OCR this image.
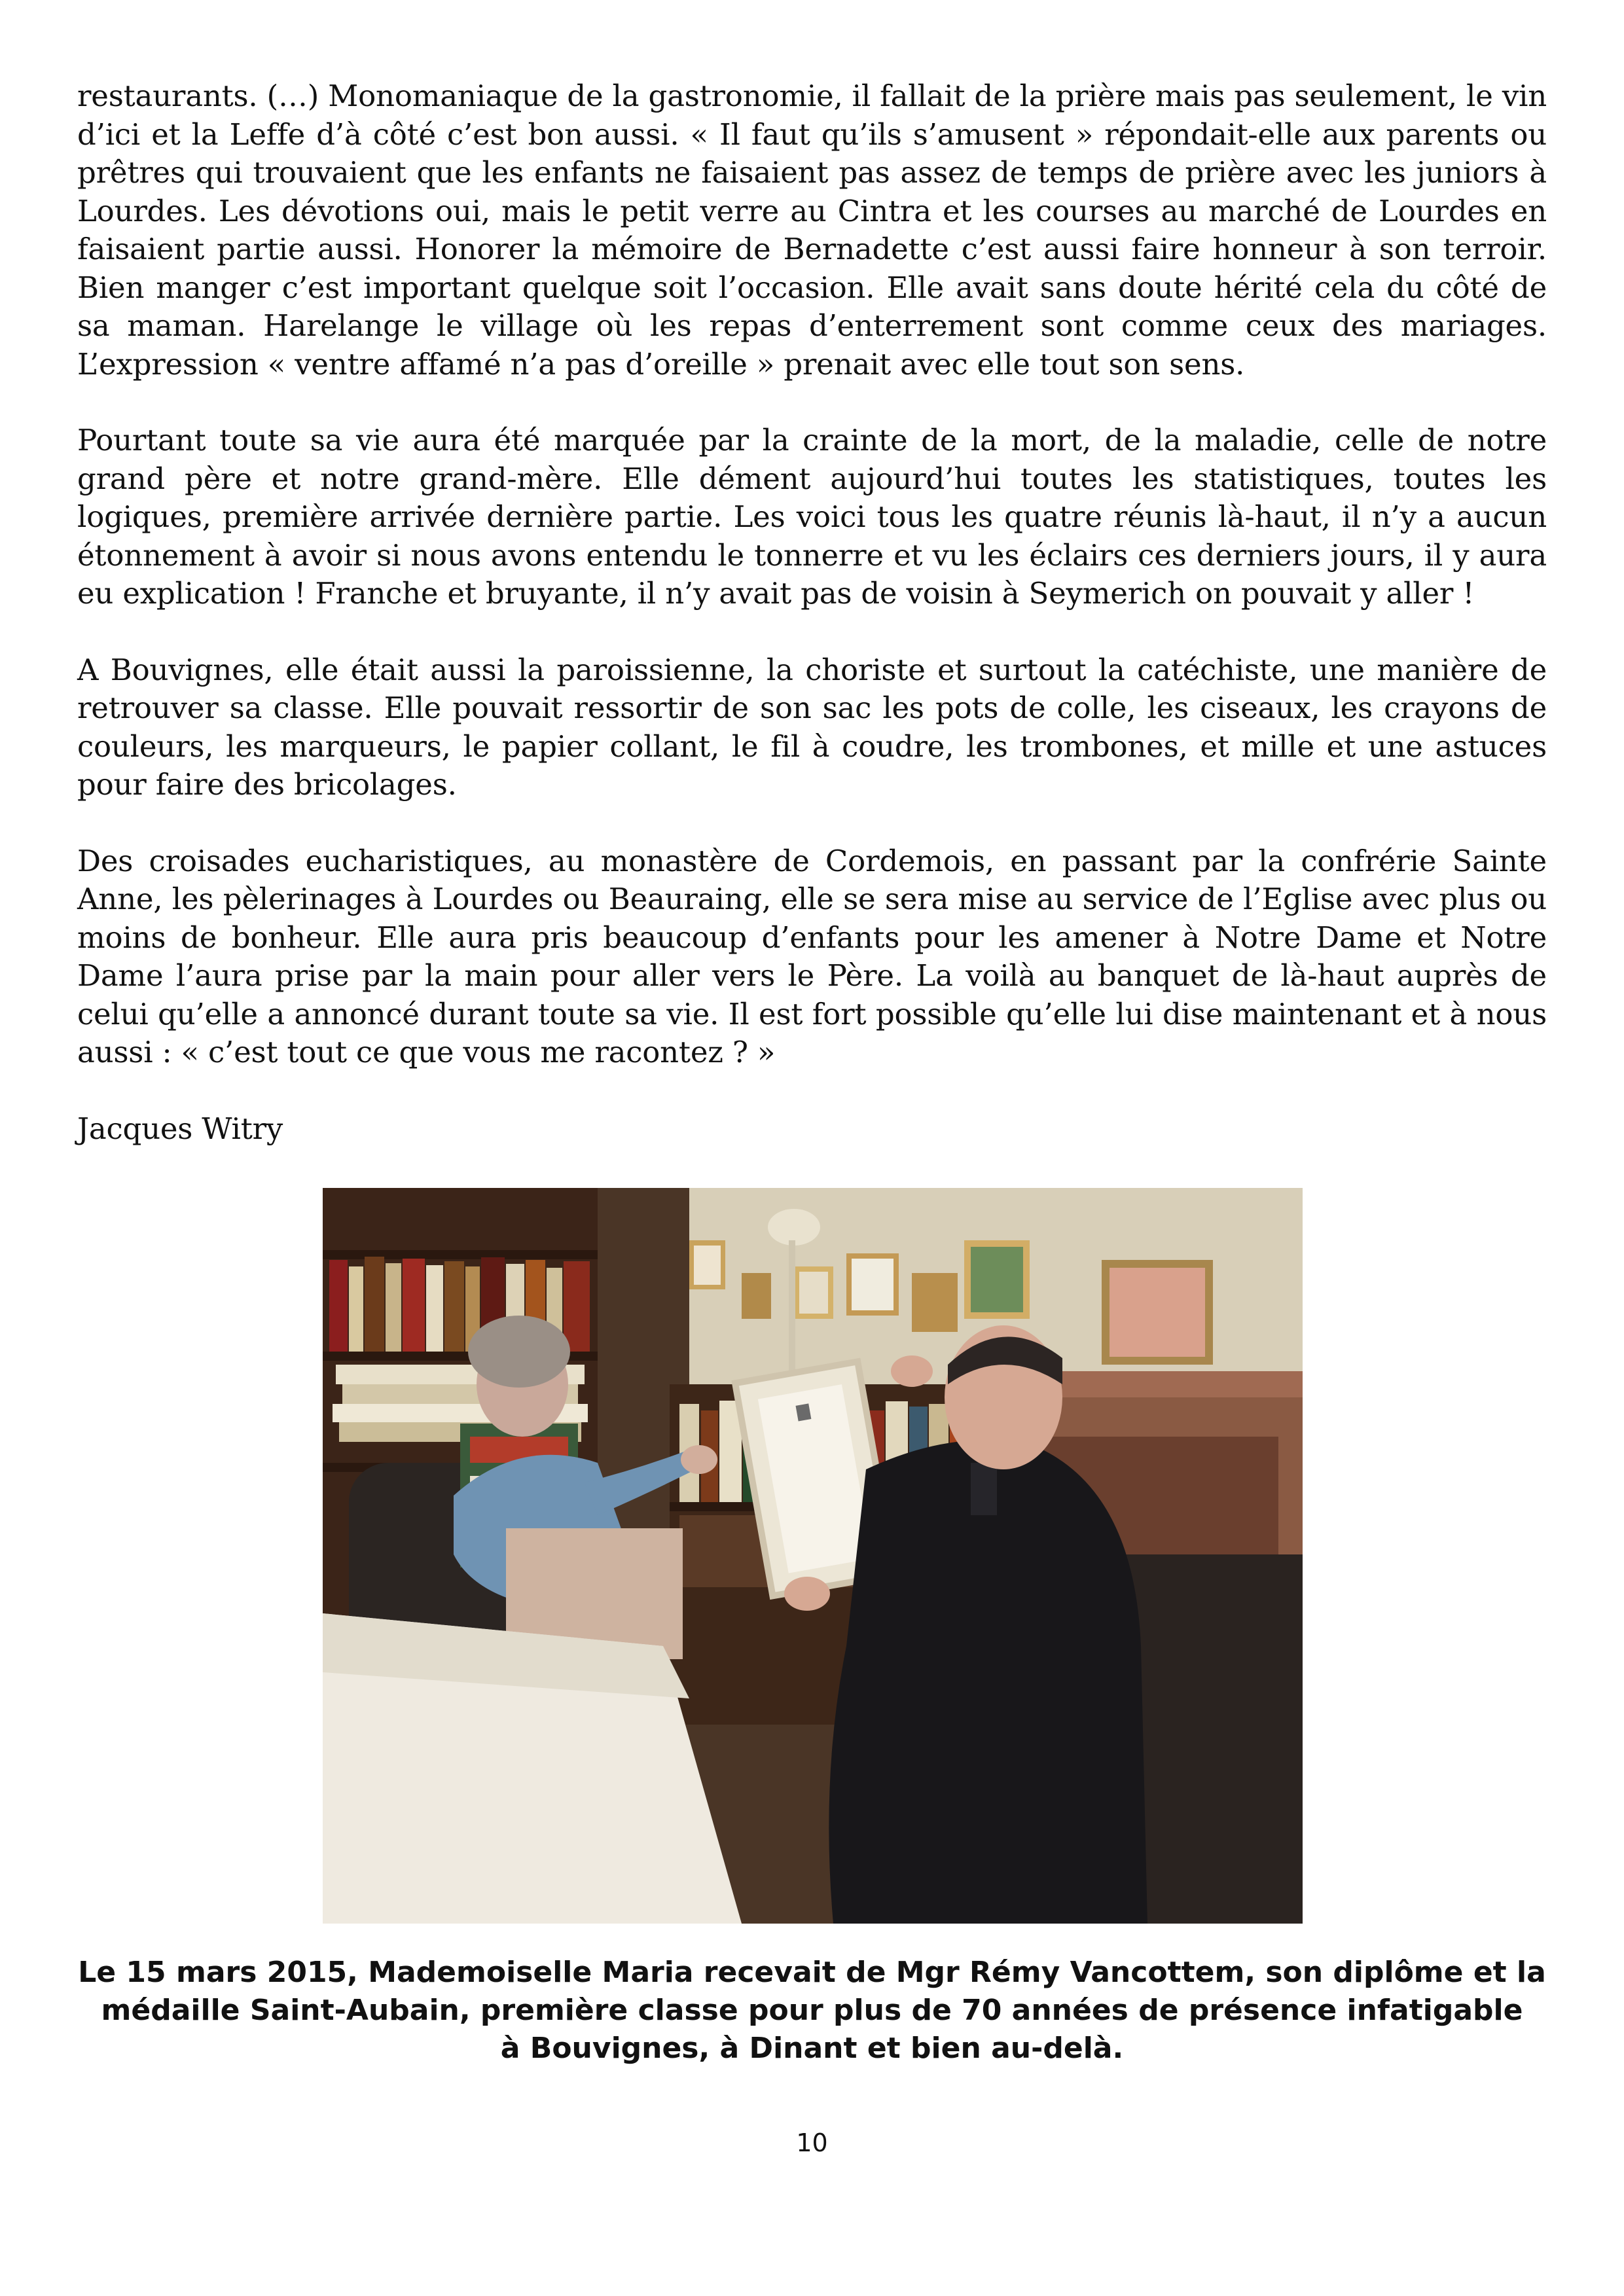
restaurants. (…) Monomaniaque de la gastronomie, il fallait de la prière mais pas seulement, le vin d’ici et la Leffe d’à côté c’est bon aussi. « Il faut qu’ils s’amusent » répondait-elle aux parents ou prêtres qui trouvaient que les enfants ne faisaient pas assez de temps de prière avec les juniors à Lourdes. Les dévotions oui, mais le petit verre au Cintra et les courses au marché de Lourdes en faisaient partie aussi. Honorer la mémoire de Bernadette c’est aussi faire honneur à son terroir. Bien manger c’est important quelque soit l’occasion. Elle avait sans doute hérité cela du côté de sa maman. Harelange le village où les repas d’enterrement sont comme ceux des mariages. L’expression « ventre affamé n’a pas d’oreille » prenait avec elle tout son sens.

Pourtant toute sa vie aura été marquée par la crainte de la mort, de la maladie, celle de notre grand père et notre grand-mère. Elle dément aujourd’hui toutes les statistiques, toutes les logiques, première arrivée dernière partie. Les voici tous les quatre réunis là-haut, il n’y a aucun étonnement à avoir si nous avons entendu le tonnerre et vu les éclairs ces derniers jours, il y aura eu explication ! Franche et bruyante, il n’y avait pas de voisin à Seymerich on pouvait y aller !

A Bouvignes, elle était aussi la paroissienne, la choriste et surtout la catéchiste, une manière de retrouver sa classe. Elle pouvait ressortir de son sac les pots de colle, les ciseaux, les crayons de couleurs, les marqueurs, le papier collant, le fil à coudre, les trombones, et mille et une astuces pour faire des bricolages.

Des croisades eucharistiques, au monastère de Cordemois, en passant par la confrérie Sainte Anne, les pèlerinages à Lourdes ou Beauraing, elle se sera mise au service de l’Eglise avec plus ou moins de bonheur. Elle aura pris beaucoup d’enfants pour les amener à Notre Dame et Notre Dame l’aura prise par la main pour aller vers le Père. La voilà au banquet de là-haut auprès de celui qu’elle a annoncé durant toute sa vie. Il est fort possible qu’elle lui dise maintenant et à nous aussi : « c’est tout ce que vous me racontez ? »

Jacques Witry

Le 15 mars 2015, Mademoiselle Maria recevait de Mgr Rémy Vancottem, son diplôme et la
médaille Saint-Aubain, première classe pour plus de 70 années de présence infatigable
à Bouvignes, à Dinant et bien au-delà.
10
